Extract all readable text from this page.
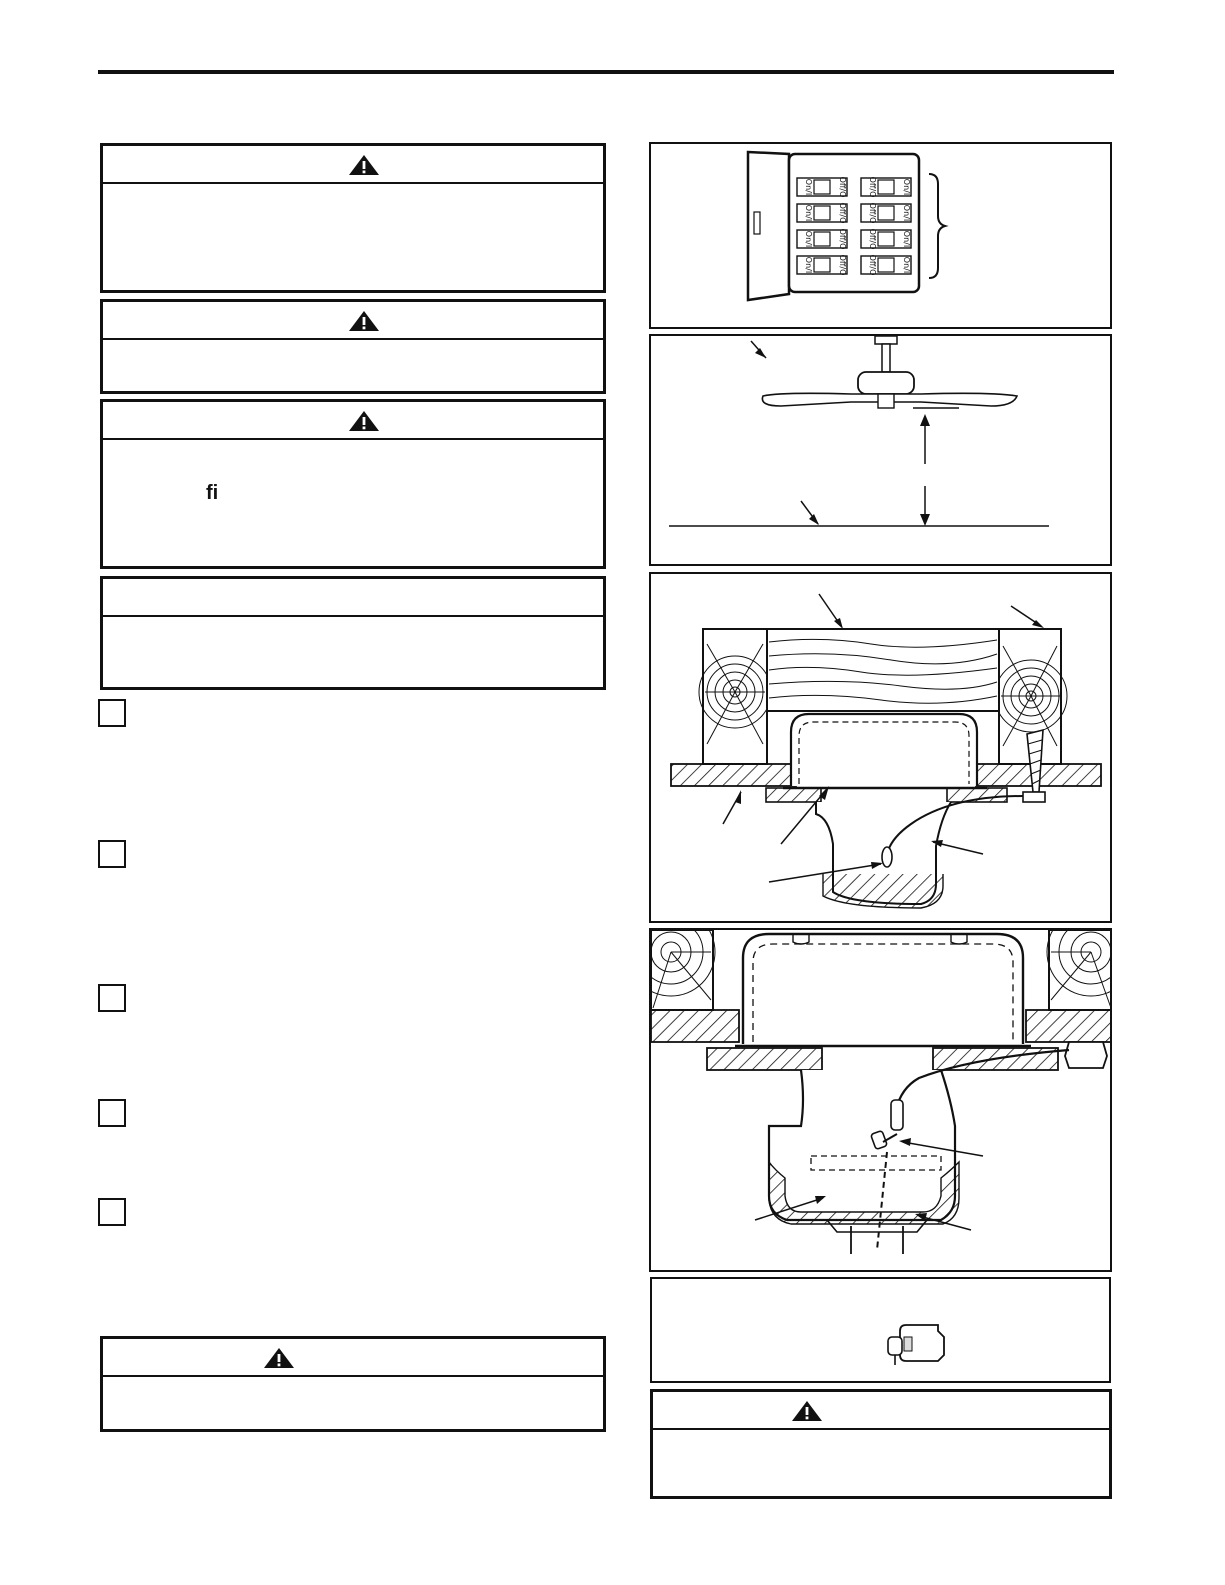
ﬁ
On/I	Off/O	Off/O	On/I
On/I	Off/O	Off/O	On/I
On/I	Off/O	Off/O	On/I
On/I	Off/O	Off/O	On/I
